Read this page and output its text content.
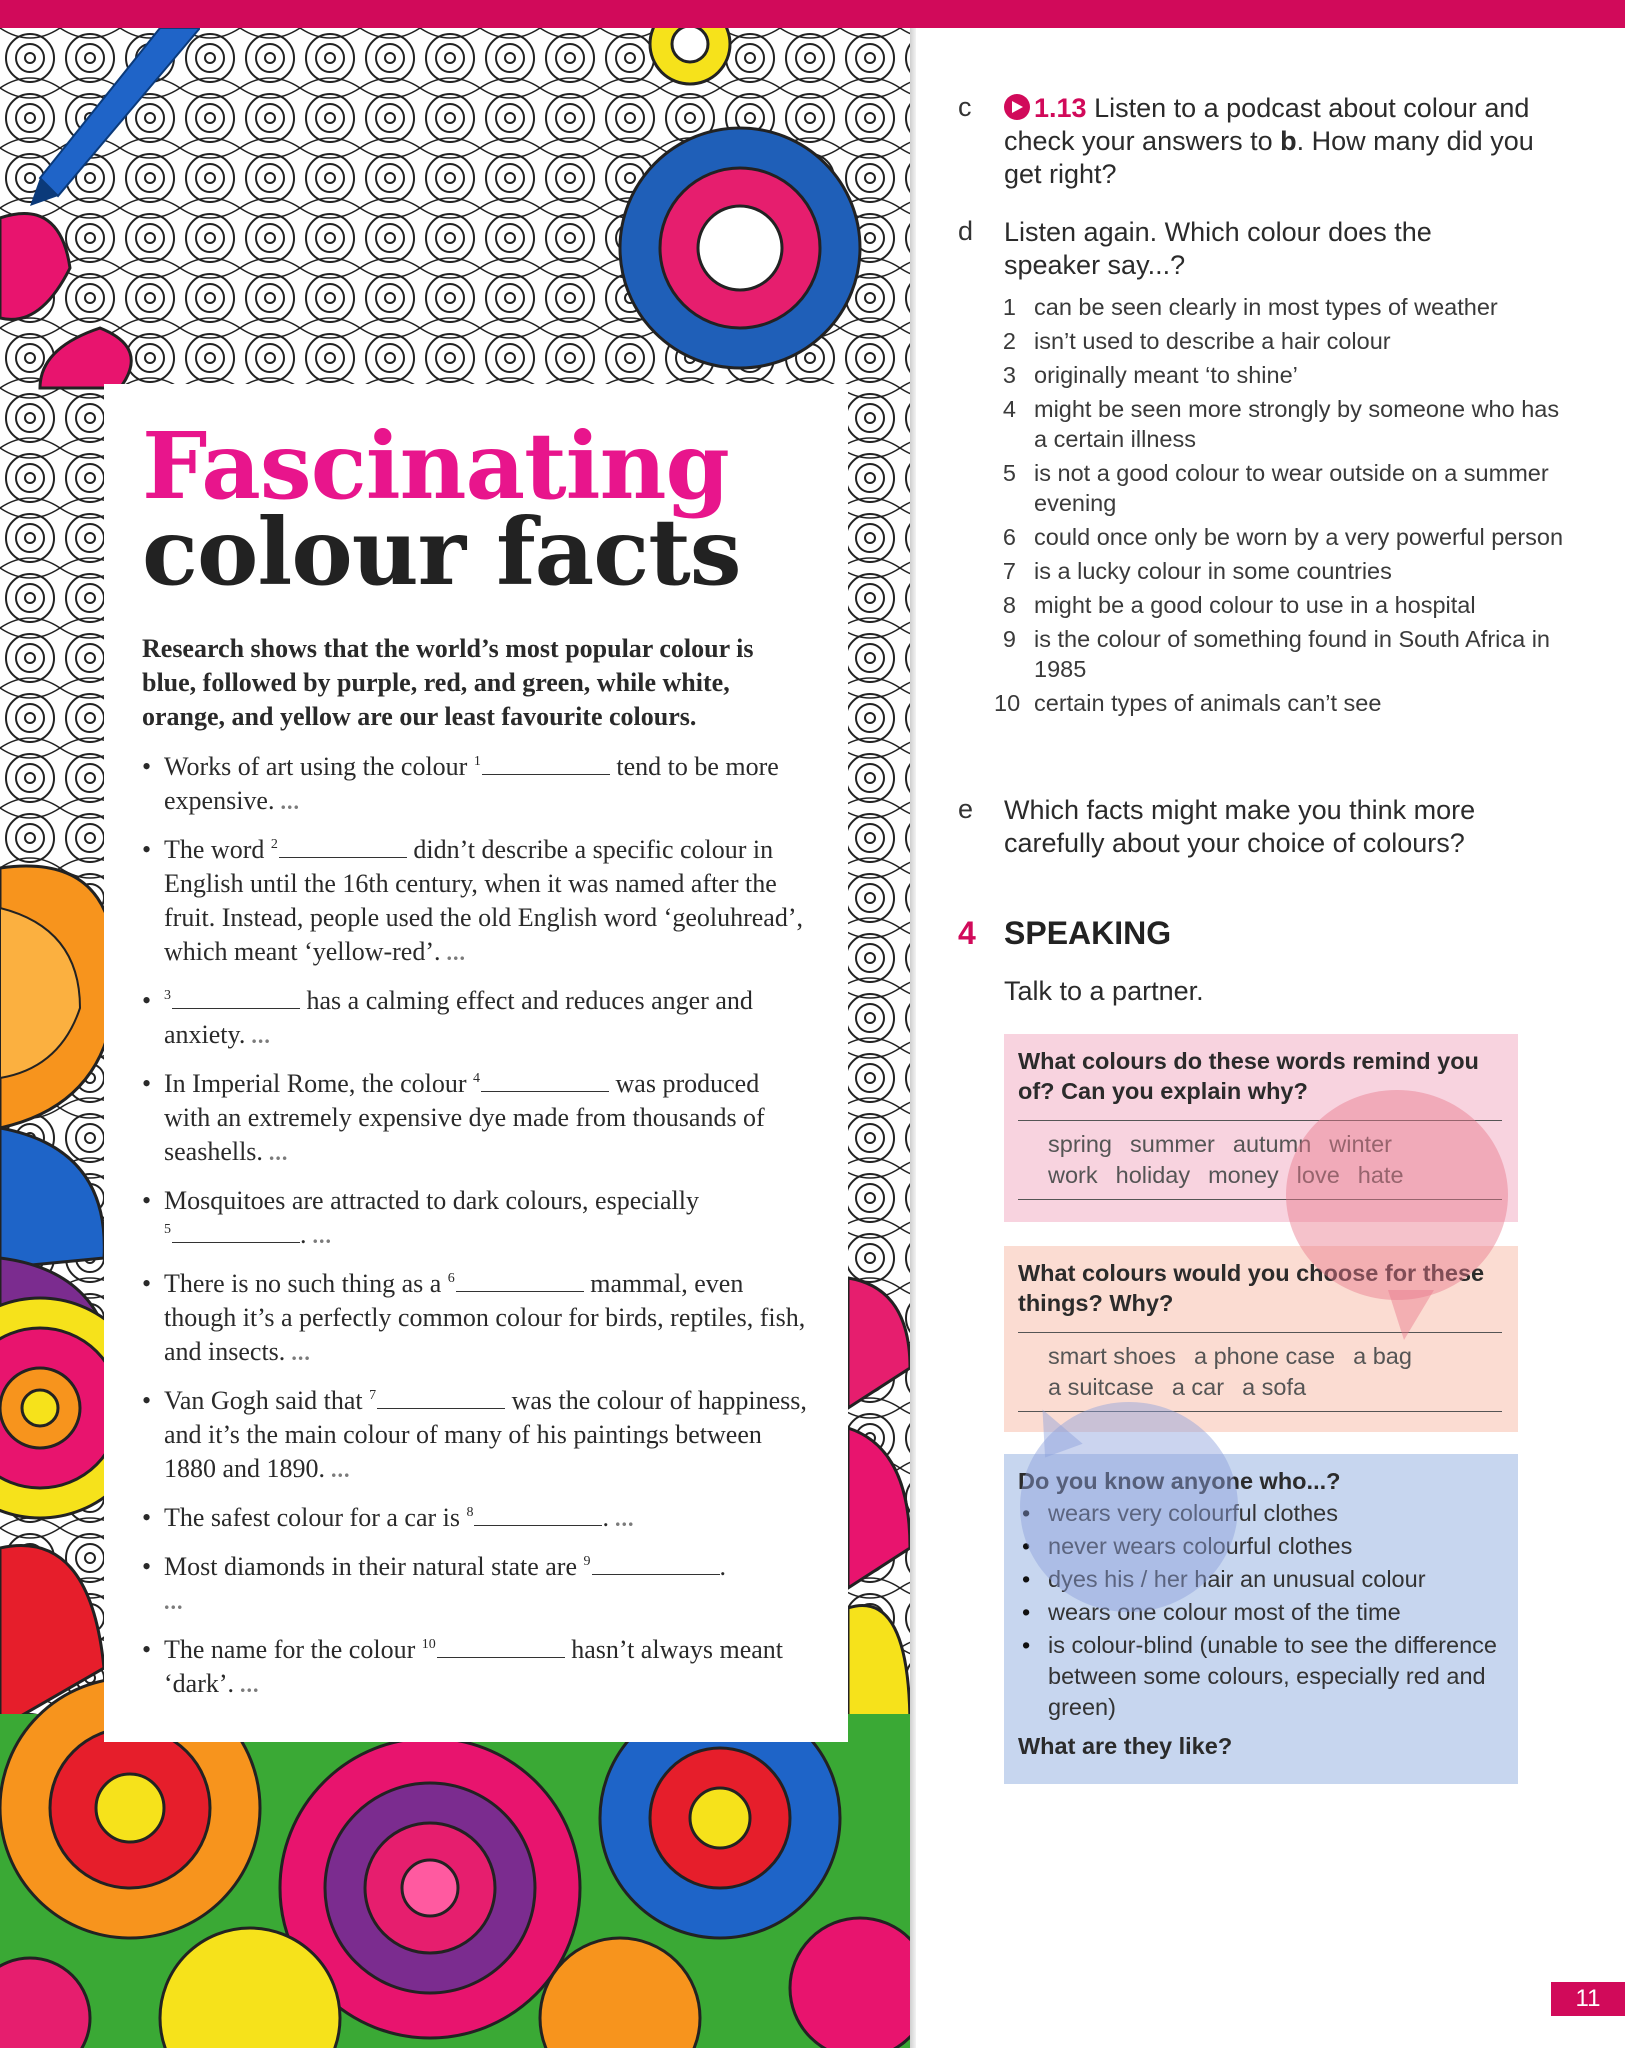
Fascinating
colour facts
Research shows that the world’s most popular colour is blue, followed by purple, red, and green, while white, orange, and yellow are our least favourite colours.
• Works of art using the colour $^1$	tend to be more expensive. ...
• The word $^2$	didn’t describe a specific colour in English until the 16th century, when it was named after the fruit. Instead, people used the old English word ‘geoluhread’, which meant ‘yellow-red’. ...
• $^3$	has a calming effect and reduces anger and anxiety. ...
• In Imperial Rome, the colour $^4$	was produced with an extremely expensive dye made from thousands of seashells. ...
• Mosquitoes are attracted to dark colours, especially
$^5$	. ...
• There is no such thing as a $^6$	mammal, even though it’s a perfectly common colour for birds, reptiles, fish, and insects. ...
• Van Gogh said that $^7$	was the colour of happiness, and it’s the main colour of many of his paintings between 1880 and 1890. ...
• The safest colour for a car is $^8$	. ...
• Most diamonds in their natural state are $^9$	.
...
• The name for the colour $^{10}$	hasn’t always meant ‘dark’. ...
c	1.13 Listen to a podcast about colour and check your answers to b. How many did you get right?
d Listen again. Which colour does the speaker say...?
1 can be seen clearly in most types of weather
2 isn’t used to describe a hair colour
3 originally meant ‘to shine’
4 might be seen more strongly by someone who has a certain illness
5 is not a good colour to wear outside on a summer evening
6 could once only be worn by a very powerful person
7 is a lucky colour in some countries
8 might be a good colour to use in a hospital
9 is the colour of something found in South Africa in 1985
10 certain types of animals can’t see
e Which facts might make you think more carefully about your choice of colours?
4 SPEAKING
Talk to a partner.
What colours do these words remind you of? Can you explain why?
spring summer autumn winter
work holiday money love hate
What colours would you choose for these things? Why?
smart shoes a phone case a bag
a suitcase a car a sofa
Do you know anyone who...?
• wears very colourful clothes
• never wears colourful clothes
• dyes his / her hair an unusual colour
• wears one colour most of the time
• is colour-blind (unable to see the difference between some colours, especially red and green)
What are they like?
11
